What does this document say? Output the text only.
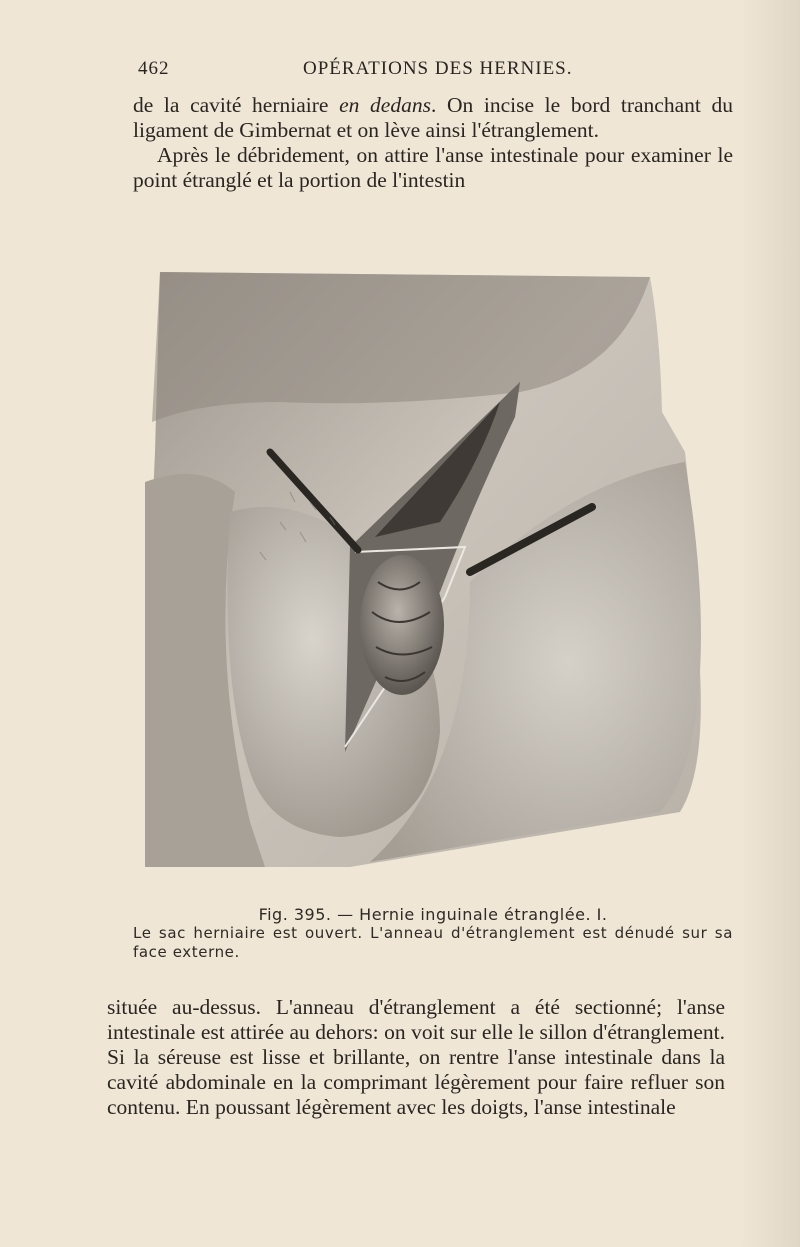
462	OPÉRATIONS DES HERNIES.

de la cavité herniaire en dedans. On incise le bord tranchant du ligament de Gimbernat et on lève ainsi l'étranglement.

Après le débridement, on attire l'anse intestinale pour examiner le point étranglé et la portion de l'intestin

Fig. 395. — Hernie inguinale étranglée. I.
Le sac herniaire est ouvert. L'anneau d'étranglement est dénudé sur sa face externe.

située au-dessus. L'anneau d'étranglement a été sectionné; l'anse intestinale est attirée au dehors: on voit sur elle le sillon d'étranglement. Si la séreuse est lisse et brillante, on rentre l'anse intestinale dans la cavité abdominale en la comprimant légèrement pour faire refluer son contenu. En poussant légèrement avec les doigts, l'anse intestinale
